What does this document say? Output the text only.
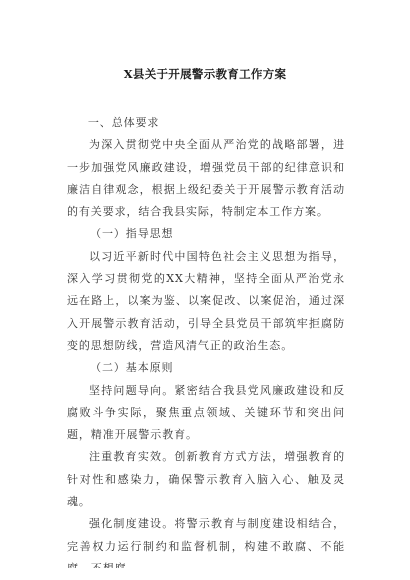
X县关于开展警示教育工作方案

一、总体要求

为深入贯彻党中央全面从严治党的战略部署，进一步加强党风廉政建设，增强党员干部的纪律意识和廉洁自律观念，根据上级纪委关于开展警示教育活动的有关要求，结合我县实际，特制定本工作方案。

（一）指导思想

以习近平新时代中国特色社会主义思想为指导，深入学习贯彻党的XX大精神，坚持全面从严治党永远在路上，以案为鉴、以案促改、以案促治，通过深入开展警示教育活动，引导全县党员干部筑牢拒腐防变的思想防线，营造风清气正的政治生态。

（二）基本原则

坚持问题导向。紧密结合我县党风廉政建设和反腐败斗争实际，聚焦重点领域、关键环节和突出问题，精准开展警示教育。

注重教育实效。创新教育方式方法，增强教育的针对性和感染力，确保警示教育入脑入心、触及灵魂。

强化制度建设。将警示教育与制度建设相结合，完善权力运行制约和监督机制，构建不敢腐、不能
